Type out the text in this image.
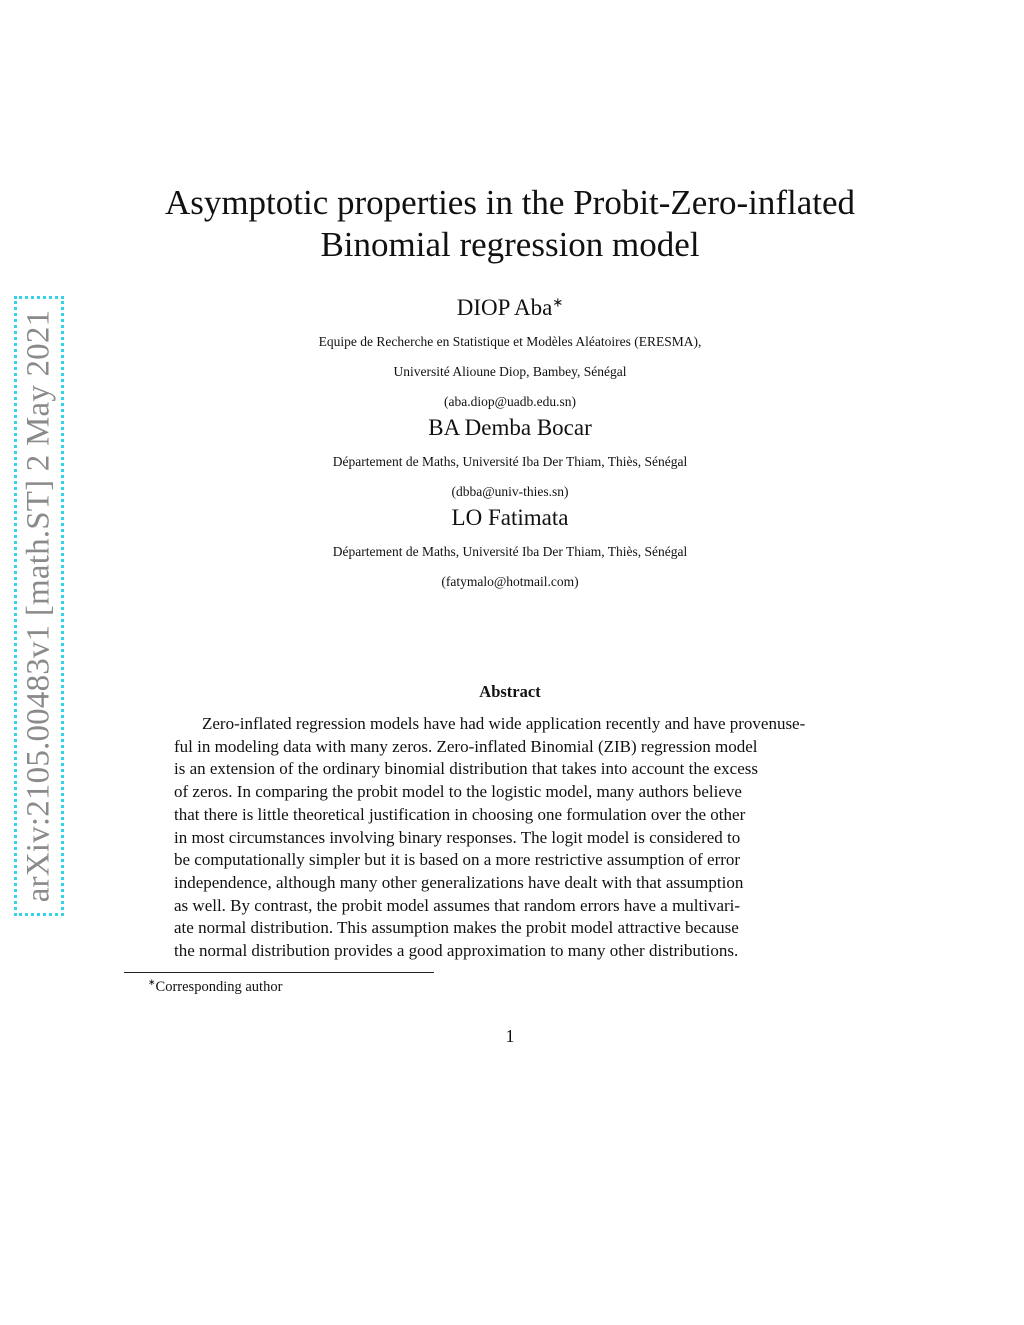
arXiv:2105.00483v1 [math.ST] 2 May 2021
Asymptotic properties in the Probit-Zero-inflated
Binomial regression model
DIOP Aba∗
Equipe de Recherche en Statistique et Modèles Aléatoires (ERESMA),
Université Alioune Diop, Bambey, Sénégal
(aba.diop@uadb.edu.sn)
BA Demba Bocar
Département de Maths, Université Iba Der Thiam, Thiès, Sénégal
(dbba@univ-thies.sn)
LO Fatimata
Département de Maths, Université Iba Der Thiam, Thiès, Sénégal
(fatymalo@hotmail.com)
Abstract
Zero-inflated regression models have had wide application recently and have provenuse-
ful in modeling data with many zeros. Zero-inflated Binomial (ZIB) regression model
is an extension of the ordinary binomial distribution that takes into account the excess
of zeros. In comparing the probit model to the logistic model, many authors believe
that there is little theoretical justification in choosing one formulation over the other
in most circumstances involving binary responses. The logit model is considered to
be computationally simpler but it is based on a more restrictive assumption of error
independence, although many other generalizations have dealt with that assumption
as well. By contrast, the probit model assumes that random errors have a multivari-
ate normal distribution. This assumption makes the probit model attractive because
the normal distribution provides a good approximation to many other distributions.
∗Corresponding author
1
